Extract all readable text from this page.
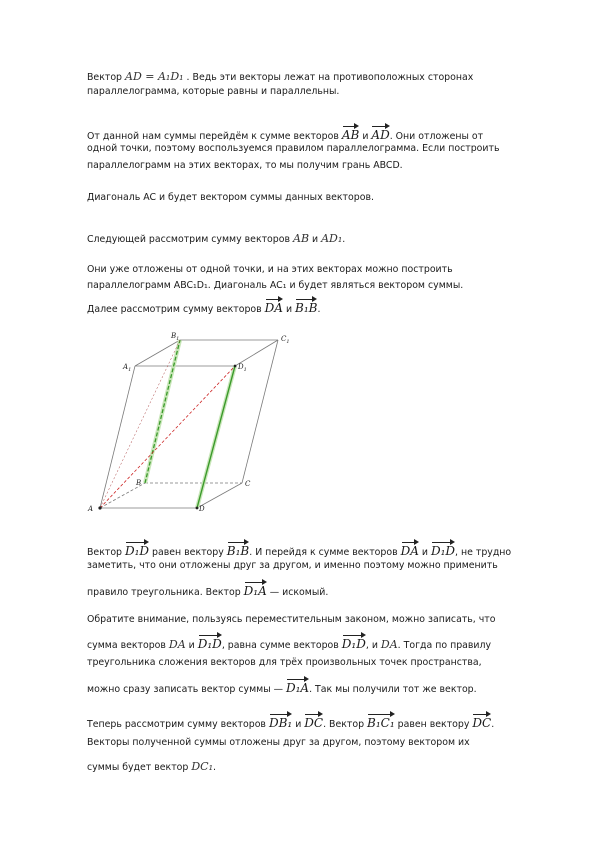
Вектор AD = A₁D₁ . Ведь эти векторы лежат на противоположных сторонах
параллелограмма, которые равны и параллельны.
От данной нам суммы перейдём к сумме векторов AB и AD. Они отложены от
одной точки, поэтому воспользуемся правилом параллелограмма. Если построить
параллелограмм на этих векторах, то мы получим грань ABCD.
Диагональ AC и будет вектором суммы данных векторов.
Следующей рассмотрим сумму векторов AB и AD₁.
Они уже отложены от одной точки, и на этих векторах можно построить
параллелограмм ABC₁D₁. Диагональ AC₁ и будет являться вектором суммы.
Далее рассмотрим сумму векторов DA и B₁B.
A	D
B	C
$A_1$
$B_1$	$C_1$
$D_1$
Вектор D₁D равен вектору B₁B. И перейдя к сумме векторов DA и D₁D, не трудно
заметить, что они отложены друг за другом, и именно поэтому можно применить
правило треугольника. Вектор D₁A — искомый.
Обратите внимание, пользуясь переместительным законом, можно записать, что
сумма векторов DA и D₁D, равна сумме векторов D₁D, и DA. Тогда по правилу
треугольника сложения векторов для трёх произвольных точек пространства,
можно сразу записать вектор суммы — D₁A. Так мы получили тот же вектор.
Теперь рассмотрим сумму векторов DB₁ и DC. Вектор B₁C₁ равен вектору DC.
Векторы полученной суммы отложены друг за другом, поэтому вектором их
суммы будет вектор DC₁.
